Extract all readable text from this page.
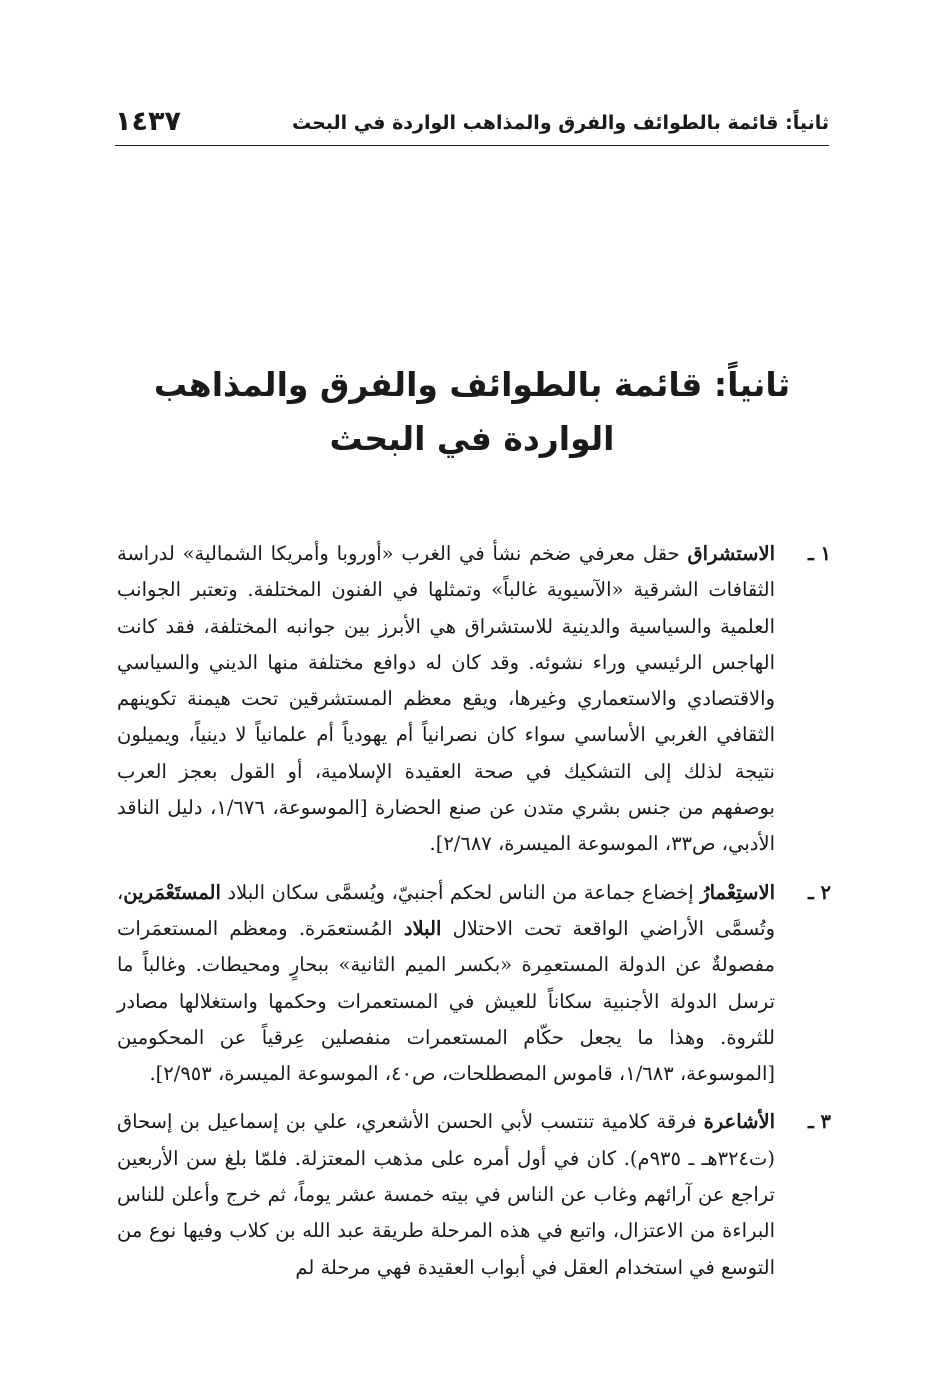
ثانياً: قائمة بالطوائف والفرق والمذاهب الواردة في البحث
١٤٣٧
ثانياً: قائمة بالطوائف والفرق والمذاهب
الواردة في البحث
١ ـ
الاستشراق حقل معرفي ضخم نشأ في الغرب «أوروبا وأمريكا الشمالية» لدراسة الثقافات الشرقية «الآسيوية غالباً» وتمثلها في الفنون المختلفة. وتعتبر الجوانب العلمية والسياسية والدينية للاستشراق هي الأبرز بين جوانبه المختلفة، فقد كانت الهاجس الرئيسي وراء نشوئه. وقد كان له دوافع مختلفة منها الديني والسياسي والاقتصادي والاستعماري وغيرها، ويقع معظم المستشرقين تحت هيمنة تكوينهم الثقافي الغربي الأساسي سواء كان نصرانياً أم يهودياً أم علمانياً لا دينياً، ويميلون نتيجة لذلك إلى التشكيك في صحة العقيدة الإسلامية، أو القول بعجز العرب بوصفهم من جنس بشري متدن عن صنع الحضارة [الموسوعة، ١/٦٧٦، دليل الناقد الأدبي، ص٣٣، الموسوعة الميسرة، ٢/٦٨٧].
٢ ـ
الاستِعْمارُ إخضاع جماعة من الناس لحكم أجنبيّ، ويُسمَّى سكان البلاد المستَعْمَرين، وتُسمَّى الأراضي الواقعة تحت الاحتلال البلاد المُستعمَرة. ومعظم المستعمَرات مفصولةٌ عن الدولة المستعمِرة «بكسر الميم الثانية» ببحارٍ ومحيطات. وغالباً ما ترسل الدولة الأجنبية سكاناً للعيش في المستعمرات وحكمها واستغلالها مصادر للثروة. وهذا ما يجعل حكّام المستعمرات منفصلين عِرقياً عن المحكومين [الموسوعة، ١/٦٨٣، قاموس المصطلحات، ص٤٠، الموسوعة الميسرة، ٢/٩٥٣].
٣ ـ
الأشاعرة فرقة كلامية تنتسب لأبي الحسن الأشعري، علي بن إسماعيل بن إسحاق (ت٣٢٤هـ ـ ٩٣٥م). كان في أول أمره على مذهب المعتزلة. فلمّا بلغ سن الأربعين تراجع عن آرائهم وغاب عن الناس في بيته خمسة عشر يوماً، ثم خرج وأعلن للناس البراءة من الاعتزال، واتبع في هذه المرحلة طريقة عبد الله بن كلاب وفيها نوع من التوسع في استخدام العقل في أبواب العقيدة فهي مرحلة لم
